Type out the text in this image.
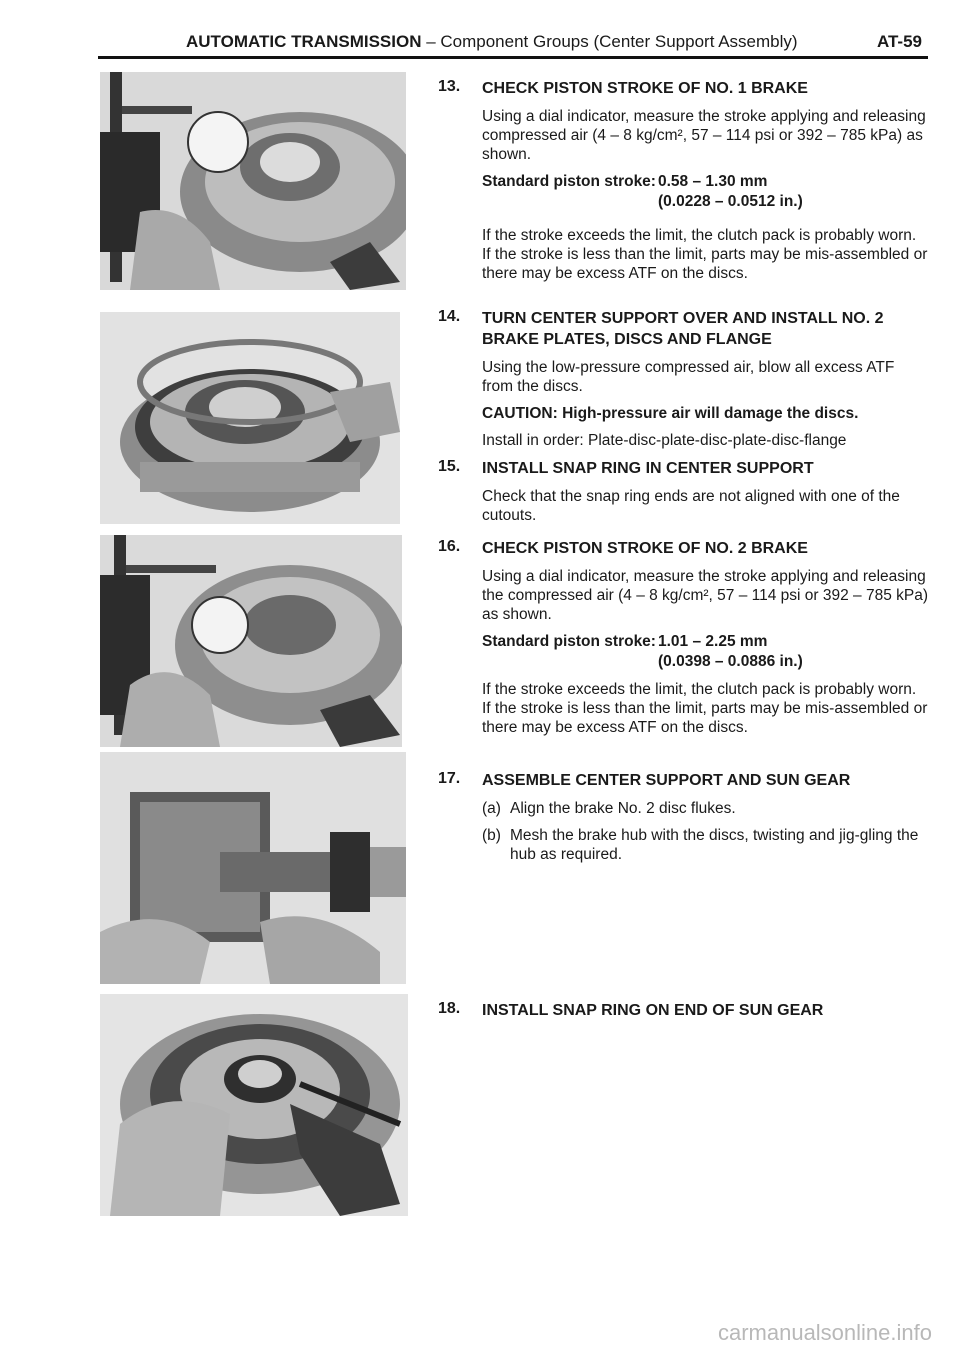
AUTOMATIC TRANSMISSION – Component Groups (Center Support Assembly)	AT-59
13.	CHECK PISTON STROKE OF NO. 1 BRAKE
Using a dial indicator, measure the stroke applying and releasing compressed air (4 – 8 kg/cm², 57 – 114 psi or 392 – 785 kPa) as shown.
Standard piston stroke: 0.58 – 1.30 mm
(0.0228 – 0.0512 in.)
If the stroke exceeds the limit, the clutch pack is probably worn. If the stroke is less than the limit, parts may be mis-assembled or there may be excess ATF on the discs.
14.	TURN CENTER SUPPORT OVER AND INSTALL NO. 2 BRAKE PLATES, DISCS AND FLANGE
Using the low-pressure compressed air, blow all excess ATF from the discs.
CAUTION: High-pressure air will damage the discs.
Install in order: Plate-disc-plate-disc-plate-disc-flange
15.	INSTALL SNAP RING IN CENTER SUPPORT
Check that the snap ring ends are not aligned with one of the cutouts.
16.	CHECK PISTON STROKE OF NO. 2 BRAKE
Using a dial indicator, measure the stroke applying and releasing the compressed air (4 – 8 kg/cm², 57 – 114 psi or 392 – 785 kPa) as shown.
Standard piston stroke: 1.01 – 2.25 mm
(0.0398 – 0.0886 in.)
If the stroke exceeds the limit, the clutch pack is probably worn. If the stroke is less than the limit, parts may be mis-assembled or there may be excess ATF on the discs.
17.	ASSEMBLE CENTER SUPPORT AND SUN GEAR
(a) Align the brake No. 2 disc flukes.
(b) Mesh the brake hub with the discs, twisting and jig-gling the hub as required.
18.	INSTALL SNAP RING ON END OF SUN GEAR
carmanualsonline.info
